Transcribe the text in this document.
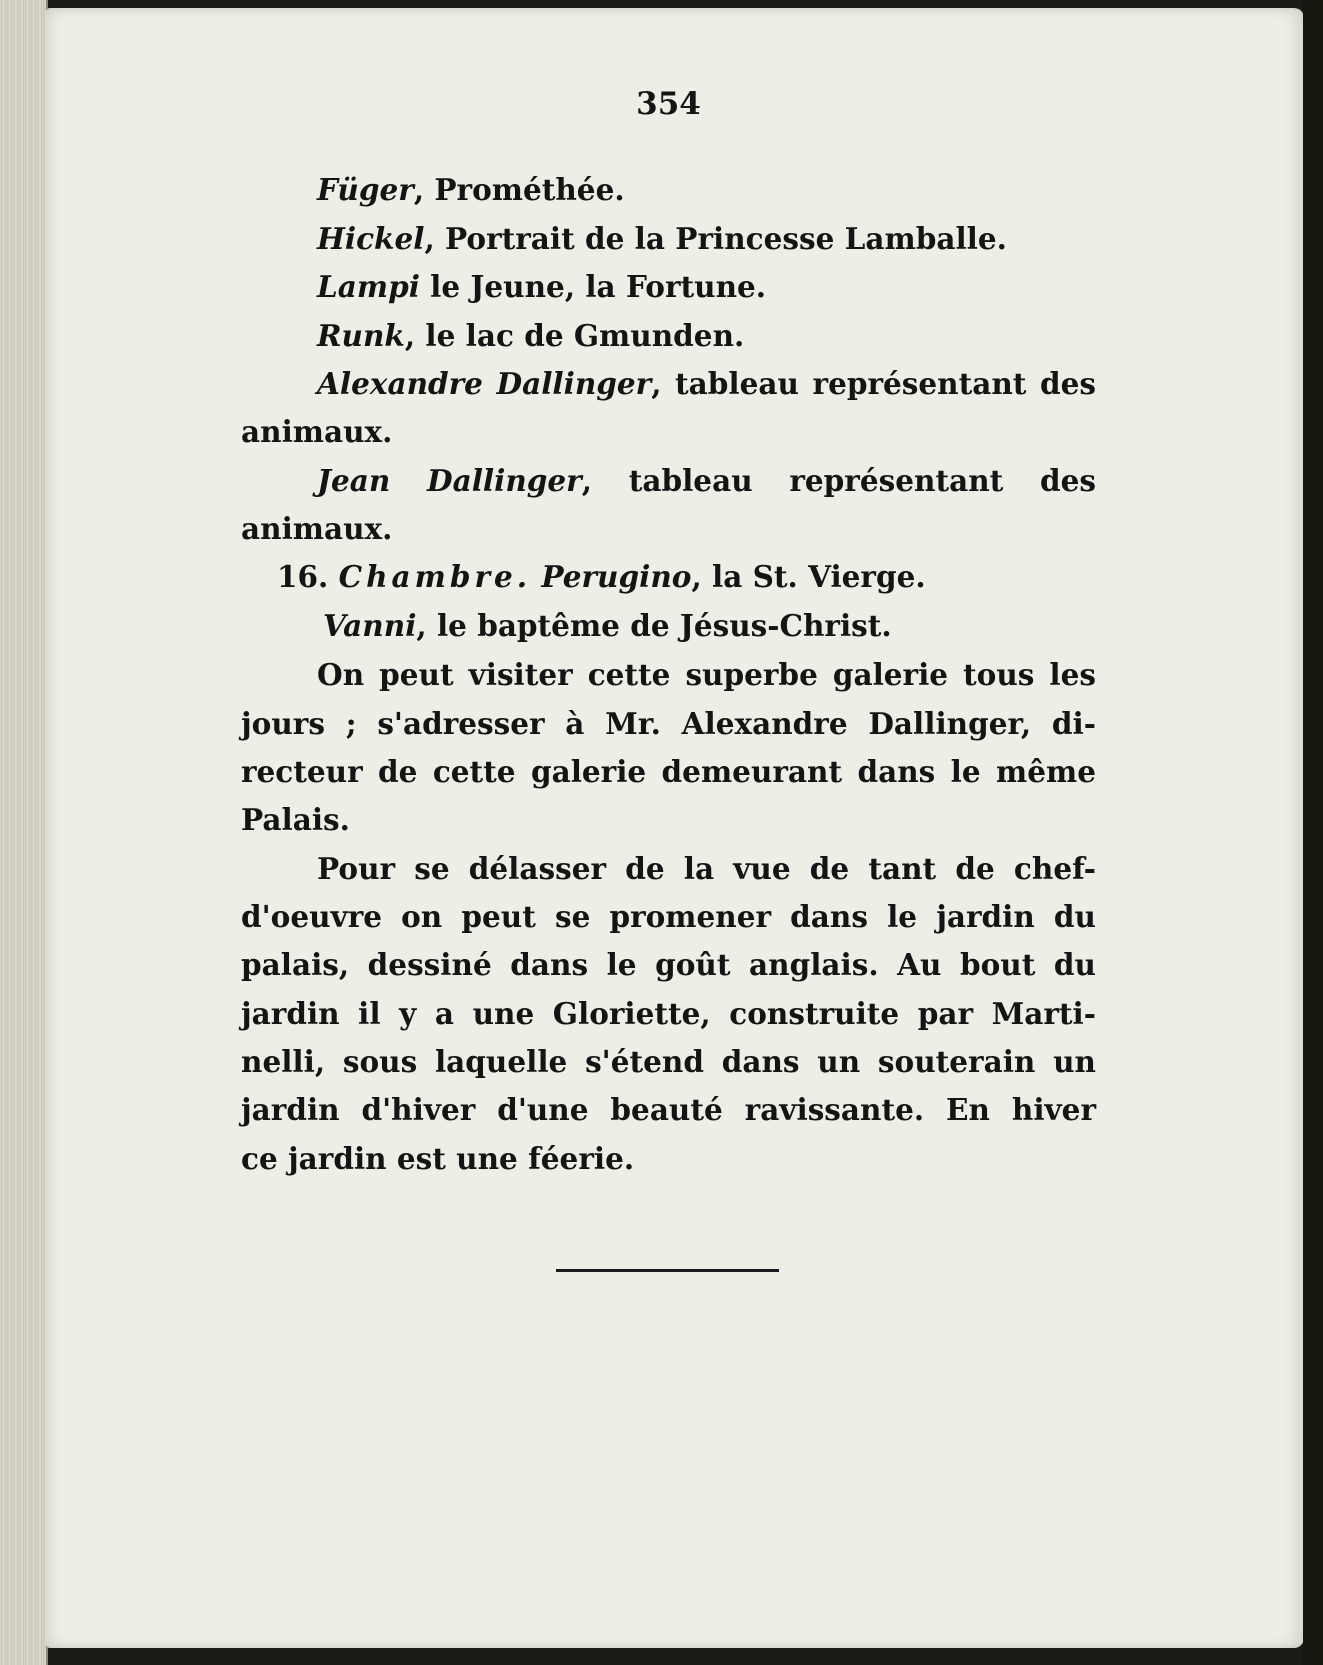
354
Füger, Prométhée.
Hickel, Portrait de la Princesse Lamballe.
Lampi le Jeune, la Fortune.
Runk, le lac de Gmunden.
Alexandre Dallinger, tableau représentant des
animaux.
Jean Dallinger, tableau représentant des
animaux.
16. Chambre. Perugino, la St. Vierge.
Vanni, le baptême de Jésus-Christ.
On peut visiter cette superbe galerie tous les
jours ; s'adresser à Mr. Alexandre Dallinger, di-
recteur de cette galerie demeurant dans le même
Palais.
Pour se délasser de la vue de tant de chef-
d'oeuvre on peut se promener dans le jardin du
palais, dessiné dans le goût anglais. Au bout du
jardin il y a une Gloriette, construite par Marti-
nelli, sous laquelle s'étend dans un souterain un
jardin d'hiver d'une beauté ravissante. En hiver
ce jardin est une féerie.
